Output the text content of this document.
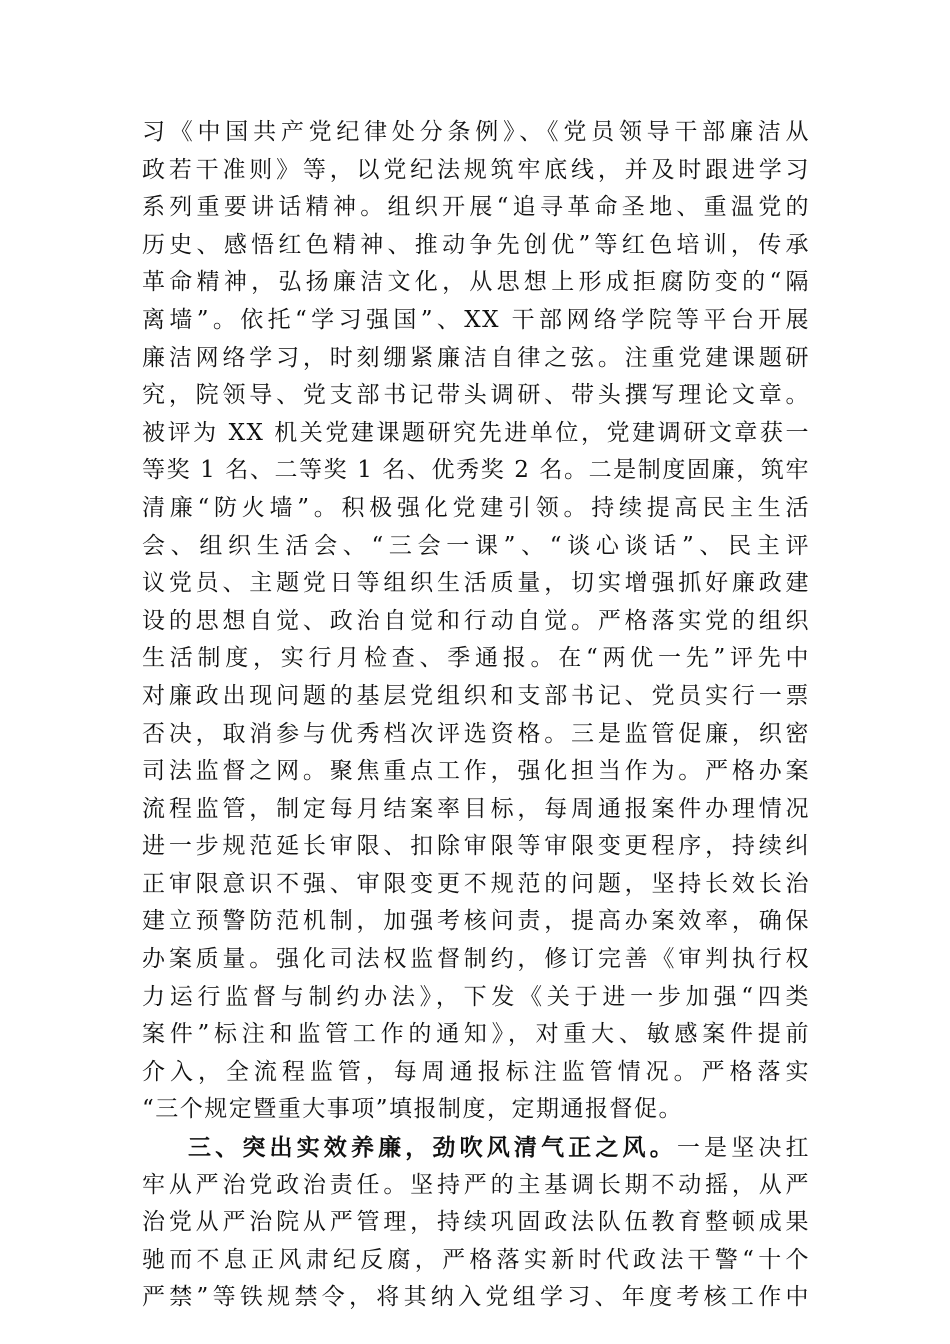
习《中国共产党纪律处分条例》、《党员领导干部廉洁从
政若干准则》等，以党纪法规筑牢底线，并及时跟进学习
系列重要讲话精神。组织开展“追寻革命圣地、重温党的
历史、感悟红色精神、推动争先创优”等红色培训，传承
革命精神，弘扬廉洁文化，从思想上形成拒腐防变的“隔
离墙”。依托“学习强国”、XX 干部网络学院等平台开展
廉洁网络学习，时刻绷紧廉洁自律之弦。注重党建课题研
究，院领导、党支部书记带头调研、带头撰写理论文章。
被评为 XX 机关党建课题研究先进单位，党建调研文章获一
等奖 1 名、二等奖 1 名、优秀奖 2 名。二是制度固廉，筑牢
清廉“防火墙”。积极强化党建引领。持续提高民主生活
会、组织生活会、“三会一课”、“谈心谈话”、民主评
议党员、主题党日等组织生活质量，切实增强抓好廉政建
设的思想自觉、政治自觉和行动自觉。严格落实党的组织
生活制度，实行月检查、季通报。在“两优一先”评先中
对廉政出现问题的基层党组织和支部书记、党员实行一票
否决，取消参与优秀档次评选资格。三是监管促廉，织密
司法监督之网。聚焦重点工作，强化担当作为。严格办案
流程监管，制定每月结案率目标，每周通报案件办理情况
进一步规范延长审限、扣除审限等审限变更程序，持续纠
正审限意识不强、审限变更不规范的问题，坚持长效长治
建立预警防范机制，加强考核问责，提高办案效率，确保
办案质量。强化司法权监督制约，修订完善《审判执行权
力运行监督与制约办法》，下发《关于进一步加强“四类
案件”标注和监管工作的通知》，对重大、敏感案件提前
介入，全流程监管，每周通报标注监管情况。严格落实
“三个规定暨重大事项”填报制度，定期通报督促。
三、突出实效养廉，劲吹风清气正之风。一是坚决扛
牢从严治党政治责任。坚持严的主基调长期不动摇，从严
治党从严治院从严管理，持续巩固政法队伍教育整顿成果
驰而不息正风肃纪反腐，严格落实新时代政法干警“十个
严禁”等铁规禁令，将其纳入党组学习、年度考核工作中
